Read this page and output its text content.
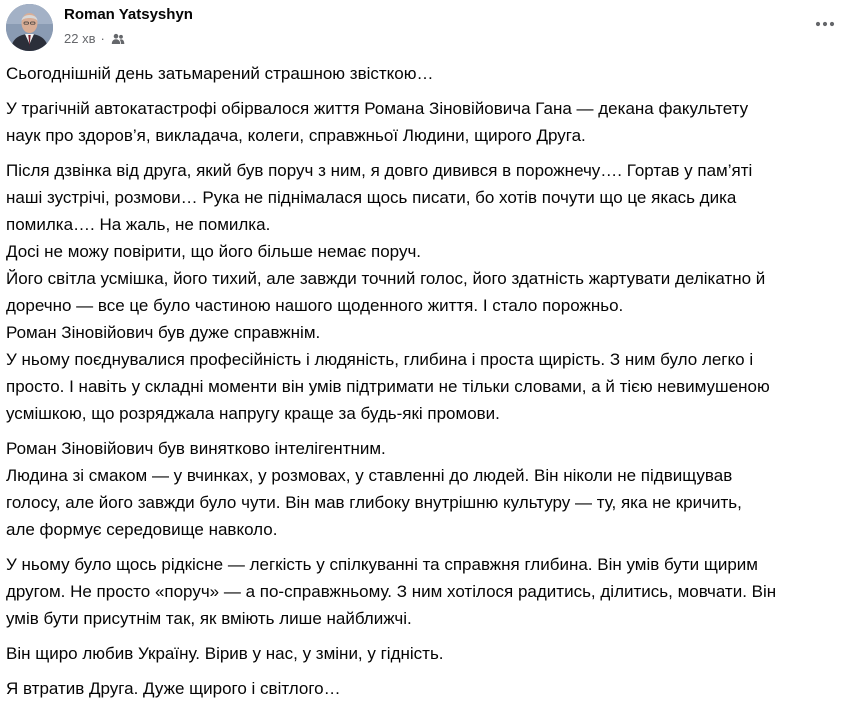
Roman Yatsyshyn
22 хв ·

Сьогоднішній день затьмарений страшною звісткою…

У трагічній автокатастрофі обірвалося життя Романа Зіновійовича Гана — декана факультету
наук про здоров’я, викладача, колеги, справжньої Людини, щирого Друга.

Після дзвінка від друга, який був поруч з ним, я довго дивився в порожнечу…. Гортав у пам’яті
наші зустрічі, розмови… Рука не піднімалася щось писати, бо хотів почути що це якась дика
помилка…. На жаль, не помилка.
Досі не можу повірити, що його більше немає поруч.
Його світла усмішка, його тихий, але завжди точний голос, його здатність жартувати делікатно й
доречно — все це було частиною нашого щоденного життя. І стало порожньо.
Роман Зіновійович був дуже справжнім.
У ньому поєднувалися професійність і людяність, глибина і проста щирість. З ним було легко і
просто. І навіть у складні моменти він умів підтримати не тільки словами, а й тією невимушеною
усмішкою, що розряджала напругу краще за будь-які промови.

Роман Зіновійович був винятково інтелігентним.
Людина зі смаком — у вчинках, у розмовах, у ставленні до людей. Він ніколи не підвищував
голосу, але його завжди було чути. Він мав глибоку внутрішню культуру — ту, яка не кричить,
але формує середовище навколо.

У ньому було щось рідкісне — легкість у спілкуванні та справжня глибина. Він умів бути щирим
другом. Не просто «поруч» — а по-справжньому. З ним хотілося радитись, ділитись, мовчати. Він
умів бути присутнім так, як вміють лише найближчі.

Він щиро любив Україну. Вірив у нас, у зміни, у гідність.

Я втратив Друга. Дуже щирого і світлого…
